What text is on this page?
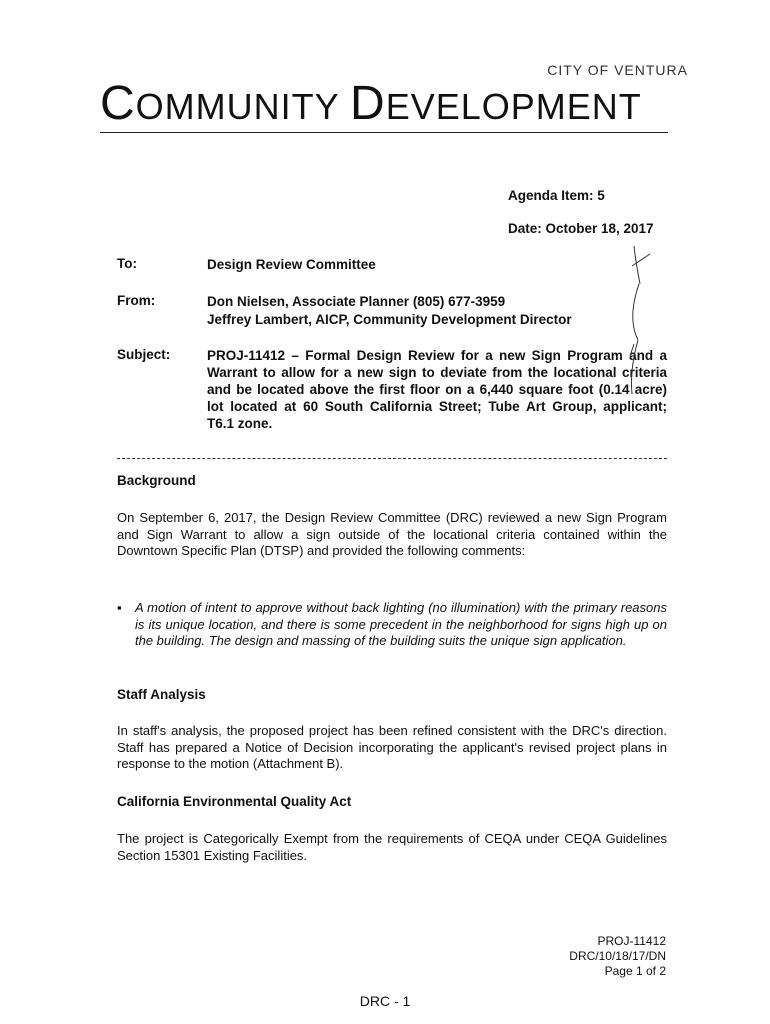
CITY OF VENTURA
COMMUNITY DEVELOPMENT
Agenda Item: 5
Date: October 18, 2017
To:	Design Review Committee
From:	Don Nielsen, Associate Planner (805) 677-3959
Jeffrey Lambert, AICP, Community Development Director
Subject:	PROJ-11412 – Formal Design Review for a new Sign Program and a Warrant to allow for a new sign to deviate from the locational criteria and be located above the first floor on a 6,440 square foot (0.14 acre) lot located at 60 South California Street; Tube Art Group, applicant; T6.1 zone.
Background
On September 6, 2017, the Design Review Committee (DRC) reviewed a new Sign Program and Sign Warrant to allow a sign outside of the locational criteria contained within the Downtown Specific Plan (DTSP) and provided the following comments:
▪ A motion of intent to approve without back lighting (no illumination) with the primary reasons is its unique location, and there is some precedent in the neighborhood for signs high up on the building. The design and massing of the building suits the unique sign application.
Staff Analysis
In staff's analysis, the proposed project has been refined consistent with the DRC's direction. Staff has prepared a Notice of Decision incorporating the applicant's revised project plans in response to the motion (Attachment B).
California Environmental Quality Act
The project is Categorically Exempt from the requirements of CEQA under CEQA Guidelines Section 15301 Existing Facilities.
PROJ-11412
DRC/10/18/17/DN
Page 1 of 2
DRC - 1
